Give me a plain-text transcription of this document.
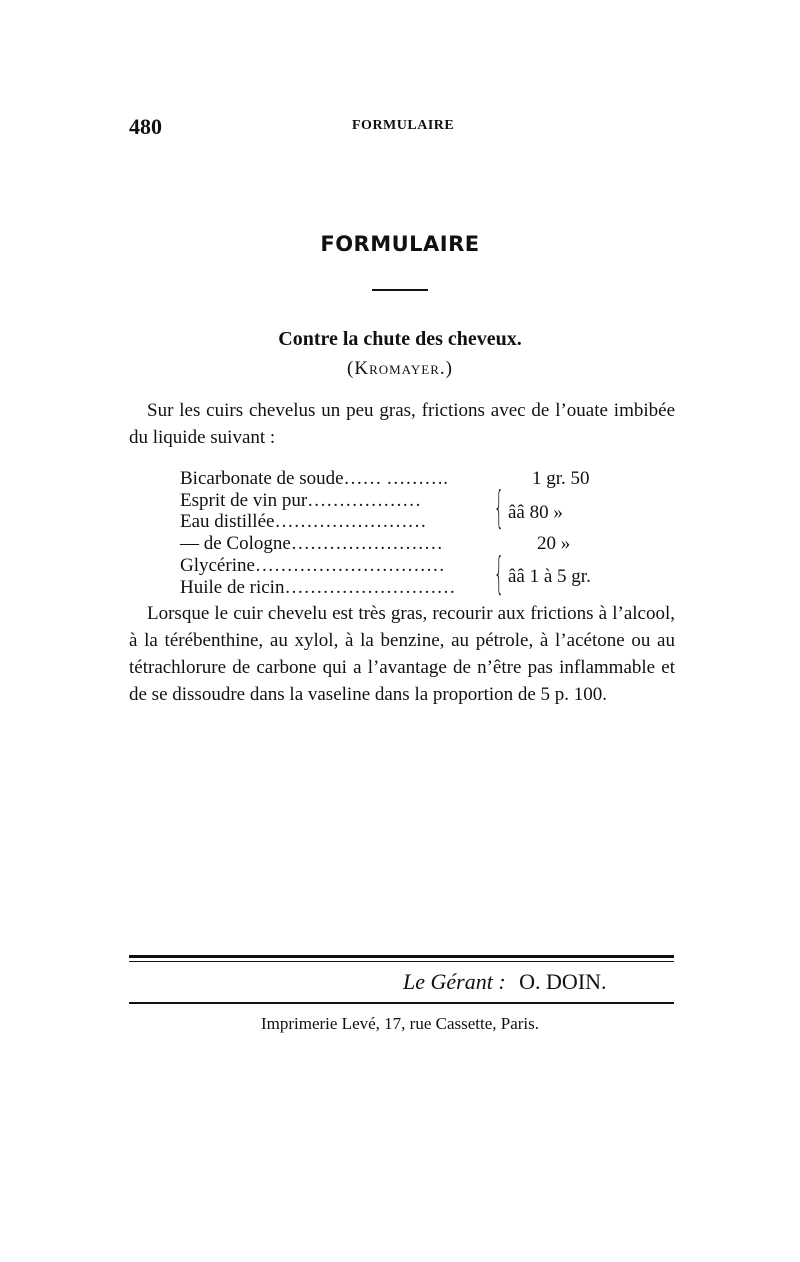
480	FORMULAIRE
FORMULAIRE
Contre la chute des cheveux.
(Kromayer.)
Sur les cuirs chevelus un peu gras, frictions avec de l’ouate imbibée du liquide suivant :
Bicarbonate de soude…… ……….	1 gr. 50
Esprit de vin pur………………
Eau distillée…………………… { ââ 80 »
— de Cologne……………………	20 »
Glycérine…………………………
Huile de ricin……………………… { ââ 1 à 5 gr.
Lorsque le cuir chevelu est très gras, recourir aux frictions à l’alcool, à la térébenthine, au xylol, à la benzine, au pétrole, à l’acétone ou au tétrachlorure de carbone qui a l’avantage de n’être pas inflammable et de se dissoudre dans la vaseline dans la proportion de 5 p. 100.
Le Gérant : O. DOIN.
Imprimerie Levé, 17, rue Cassette, Paris.
